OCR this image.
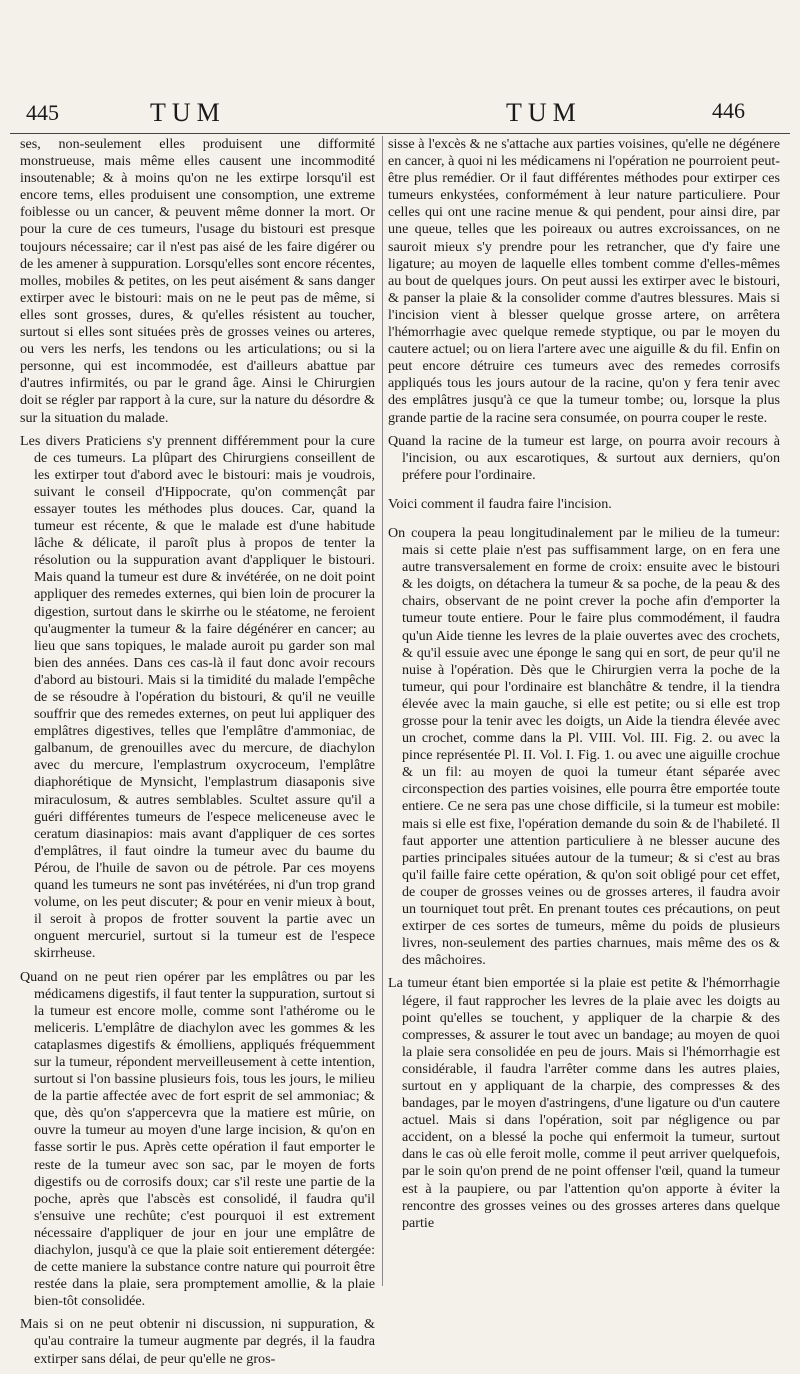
445	TUM	TUM	446

ses, non-seulement elles produisent une difformité monstrueuse, mais même elles causent une incommodité insoutenable; & à moins qu'on ne les extirpe lorsqu'il est encore tems, elles produisent une consomption, une extreme foiblesse ou un cancer, & peuvent même donner la mort. Or pour la cure de ces tumeurs, l'usage du bistouri est presque toujours nécessaire; car il n'est pas aisé de les faire digérer ou de les amener à suppuration. Lorsqu'elles sont encore récentes, molles, mobiles & petites, on les peut aisément & sans danger extirper avec le bistouri: mais on ne le peut pas de même, si elles sont grosses, dures, & qu'elles résistent au toucher, surtout si elles sont situées près de grosses veines ou arteres, ou vers les nerfs, les tendons ou les articulations; ou si la personne, qui est incommodée, est d'ailleurs abattue par d'autres infirmités, ou par le grand âge. Ainsi le Chirurgien doit se régler par rapport à la cure, sur la nature du désordre & sur la situation du malade.

Les divers Praticiens s'y prennent différemment pour la cure de ces tumeurs. La plûpart des Chirurgiens conseillent de les extirper tout d'abord avec le bistouri: mais je voudrois, suivant le conseil d'Hippocrate, qu'on commençât par essayer toutes les méthodes plus douces. Car, quand la tumeur est récente, & que le malade est d'une habitude lâche & délicate, il paroît plus à propos de tenter la résolution ou la suppuration avant d'appliquer le bistouri. Mais quand la tumeur est dure & invétérée, on ne doit point appliquer des remedes externes, qui bien loin de procurer la digestion, surtout dans le skirrhe ou le stéatome, ne feroient qu'augmenter la tumeur & la faire dégénérer en cancer; au lieu que sans topiques, le malade auroit pu garder son mal bien des années. Dans ces cas-là il faut donc avoir recours d'abord au bistouri. Mais si la timidité du malade l'empêche de se résoudre à l'opération du bistouri, & qu'il ne veuille souffrir que des remedes externes, on peut lui appliquer des emplâtres digestives, telles que l'emplâtre d'ammoniac, de galbanum, de grenouilles avec du mercure, de diachylon avec du mercure, l'emplastrum oxycroceum, l'emplâtre diaphorétique de Mynsicht, l'emplastrum diasaponis sive miraculosum, & autres semblables. Scultet assure qu'il a guéri différentes tumeurs de l'espece meliceneuse avec le ceratum diasinapios: mais avant d'appliquer de ces sortes d'emplâtres, il faut oindre la tumeur avec du baume du Pérou, de l'huile de savon ou de pétrole. Par ces moyens quand les tumeurs ne sont pas invétérées, ni d'un trop grand volume, on les peut discuter; & pour en venir mieux à bout, il seroit à propos de frotter souvent la partie avec un onguent mercuriel, surtout si la tumeur est de l'espece skirrheuse.

Quand on ne peut rien opérer par les emplâtres ou par les médicamens digestifs, il faut tenter la suppuration, surtout si la tumeur est encore molle, comme sont l'athérome ou le meliceris. L'emplâtre de diachylon avec les gommes & les cataplasmes digestifs & émolliens, appliqués fréquemment sur la tumeur, répondent merveilleusement à cette intention, surtout si l'on bassine plusieurs fois, tous les jours, le milieu de la partie affectée avec de fort esprit de sel ammoniac; & que, dès qu'on s'appercevra que la matiere est mûrie, on ouvre la tumeur au moyen d'une large incision, & qu'on en fasse sortir le pus. Après cette opération il faut emporter le reste de la tumeur avec son sac, par le moyen de forts digestifs ou de corrosifs doux; car s'il reste une partie de la poche, après que l'abscès est consolidé, il faudra qu'il s'ensuive une rechûte; c'est pourquoi il est extrement nécessaire d'appliquer de jour en jour une emplâtre de diachylon, jusqu'à ce que la plaie soit entierement détergée: de cette maniere la substance contre nature qui pourroit être restée dans la plaie, sera promptement amollie, & la plaie bien-tôt consolidée.

Mais si on ne peut obtenir ni discussion, ni suppuration, & qu'au contraire la tumeur augmente par degrés, il la faudra extirper sans délai, de peur qu'elle ne gros-

sisse à l'excès & ne s'attache aux parties voisines, qu'elle ne dégénere en cancer, à quoi ni les médicamens ni l'opération ne pourroient peut-être plus remédier. Or il faut différentes méthodes pour extirper ces tumeurs enkystées, conformément à leur nature particuliere. Pour celles qui ont une racine menue & qui pendent, pour ainsi dire, par une queue, telles que les poireaux ou autres excroissances, on ne sauroit mieux s'y prendre pour les retrancher, que d'y faire une ligature; au moyen de laquelle elles tombent comme d'elles-mêmes au bout de quelques jours. On peut aussi les extirper avec le bistouri, & panser la plaie & la consolider comme d'autres blessures. Mais si l'incision vient à blesser quelque grosse artere, on arrêtera l'hémorrhagie avec quelque remede styptique, ou par le moyen du cautere actuel; ou on liera l'artere avec une aiguille & du fil. Enfin on peut encore détruire ces tumeurs avec des remedes corrosifs appliqués tous les jours autour de la racine, qu'on y fera tenir avec des emplâtres jusqu'à ce que la tumeur tombe; ou, lorsque la plus grande partie de la racine sera consumée, on pourra couper le reste.

Quand la racine de la tumeur est large, on pourra avoir recours à l'incision, ou aux escarotiques, & surtout aux derniers, qu'on préfere pour l'ordinaire.

Voici comment il faudra faire l'incision.

On coupera la peau longitudinalement par le milieu de la tumeur: mais si cette plaie n'est pas suffisamment large, on en fera une autre transversalement en forme de croix: ensuite avec le bistouri & les doigts, on détachera la tumeur & sa poche, de la peau & des chairs, observant de ne point crever la poche afin d'emporter la tumeur toute entiere. Pour le faire plus commodément, il faudra qu'un Aide tienne les levres de la plaie ouvertes avec des crochets, & qu'il essuie avec une éponge le sang qui en sort, de peur qu'il ne nuise à l'opération. Dès que le Chirurgien verra la poche de la tumeur, qui pour l'ordinaire est blanchâtre & tendre, il la tiendra élevée avec la main gauche, si elle est petite; ou si elle est trop grosse pour la tenir avec les doigts, un Aide la tiendra élevée avec un crochet, comme dans la Pl. VIII. Vol. III. Fig. 2. ou avec la pince représentée Pl. II. Vol. I. Fig. 1. ou avec une aiguille crochue & un fil: au moyen de quoi la tumeur étant séparée avec circonspection des parties voisines, elle pourra être emportée toute entiere. Ce ne sera pas une chose difficile, si la tumeur est mobile: mais si elle est fixe, l'opération demande du soin & de l'habileté. Il faut apporter une attention particuliere à ne blesser aucune des parties principales situées autour de la tumeur; & si c'est au bras qu'il faille faire cette opération, & qu'on soit obligé pour cet effet, de couper de grosses veines ou de grosses arteres, il faudra avoir un tourniquet tout prêt. En prenant toutes ces précautions, on peut extirper de ces sortes de tumeurs, même du poids de plusieurs livres, non-seulement des parties charnues, mais même des os & des mâchoires.

La tumeur étant bien emportée si la plaie est petite & l'hémorrhagie légere, il faut rapprocher les levres de la plaie avec les doigts au point qu'elles se touchent, y appliquer de la charpie & des compresses, & assurer le tout avec un bandage; au moyen de quoi la plaie sera consolidée en peu de jours. Mais si l'hémorrhagie est considérable, il faudra l'arrêter comme dans les autres plaies, surtout en y appliquant de la charpie, des compresses & des bandages, par le moyen d'astringens, d'une ligature ou d'un cautere actuel. Mais si dans l'opération, soit par négligence ou par accident, on a blessé la poche qui enfermoit la tumeur, surtout dans le cas où elle feroit molle, comme il peut arriver quelquefois, par le soin qu'on prend de ne point offenser l'œil, quand la tumeur est à la paupiere, ou par l'attention qu'on apporte à éviter la rencontre des grosses veines ou des grosses arteres dans quelque partie
